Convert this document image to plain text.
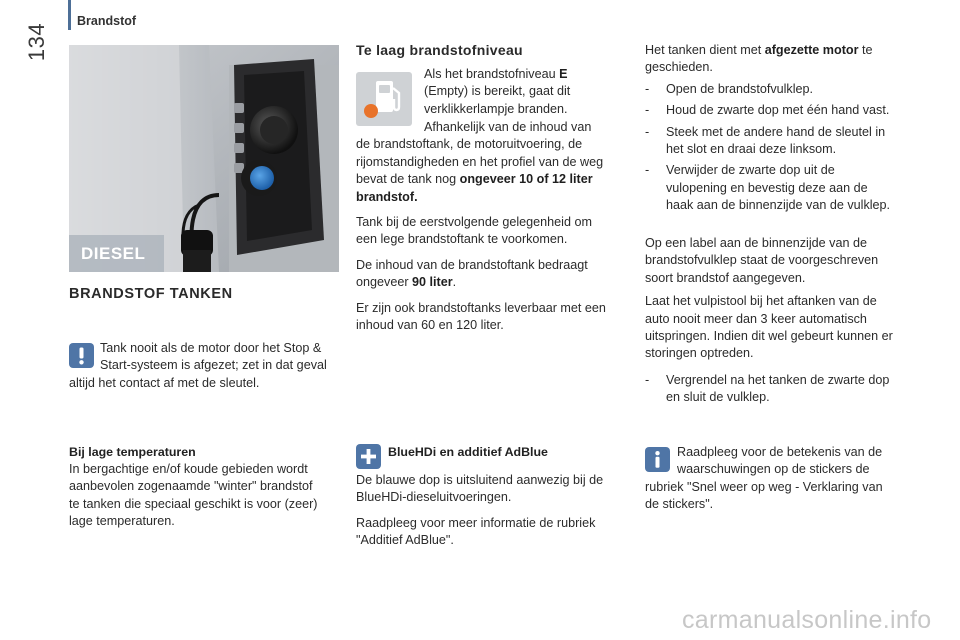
134
Brandstof
DIESEL
BRANDSTOF TANKEN

Tank nooit als de motor door het Stop &

Start-systeem is afgezet; zet in dat geval

altijd het contact af met de sleutel.

Bij lage temperaturen

In bergachtige en/of koude gebieden wordt

aanbevolen zogenaamde "winter" brandstof

te tanken die speciaal geschikt is voor (zeer)

lage temperaturen.

Te laag brandstofniveau

Als het brandstofniveau E

(Empty) is bereikt, gaat dit

verklikkerlampje branden.

Afhankelijk van de inhoud van

de brandstoftank, de motoruitvoering, de

rijomstandigheden en het profiel van de weg

bevat de tank nog ongeveer 10 of 12 liter

brandstof.

Tank bij de eerstvolgende gelegenheid om

een lege brandstoftank te voorkomen.

De inhoud van de brandstoftank bedraagt

ongeveer 90 liter.

Er zijn ook brandstoftanks leverbaar met een

inhoud van 60 en 120 liter.

BlueHDi en additief AdBlue

De blauwe dop is uitsluitend aanwezig bij de

BlueHDi-dieseluitvoeringen.

Raadpleeg voor meer informatie de rubriek

"Additief AdBlue".

Het tanken dient met afgezette motor te

geschieden.

- Open de brandstofvulklep.

- Houd de zwarte dop met één hand vast.

- Steek met de andere hand de sleutel in

het slot en draai deze linksom.

- Verwijder de zwarte dop uit de

vulopening en bevestig deze aan de

haak aan de binnenzijde van de vulklep.

Op een label aan de binnenzijde van de

brandstofvulklep staat de voorgeschreven

soort brandstof aangegeven.

Laat het vulpistool bij het aftanken van de

auto nooit meer dan 3 keer automatisch

uitspringen. Indien dit wel gebeurt kunnen er

storingen optreden.

- Vergrendel na het tanken de zwarte dop

en sluit de vulklep.

Raadpleeg voor de betekenis van de

waarschuwingen op de stickers de

rubriek "Snel weer op weg - Verklaring van

de stickers".

carmanualsonline.info
